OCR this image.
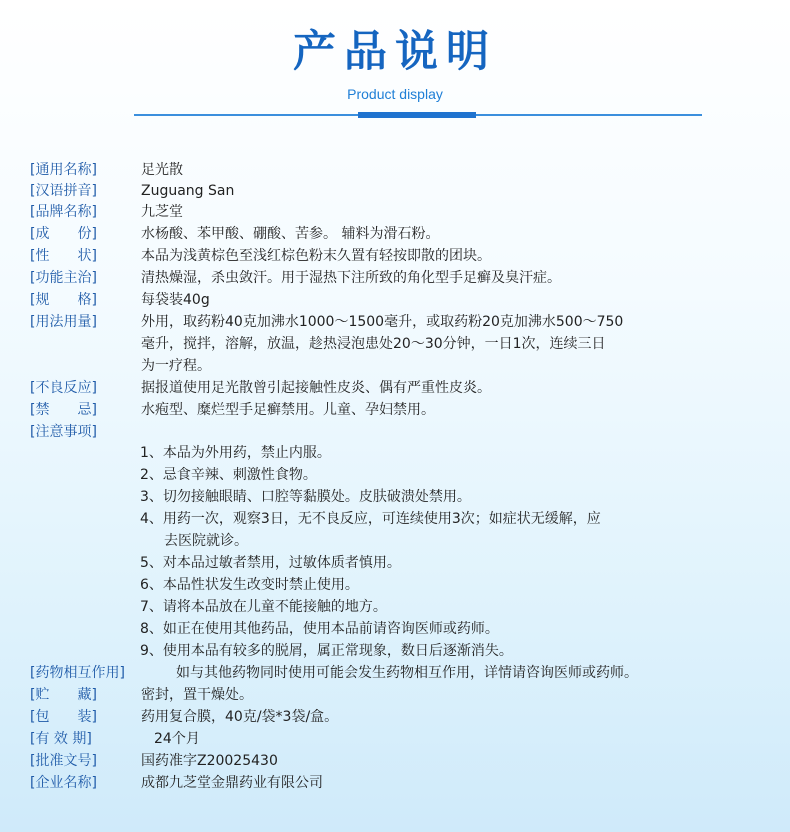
产品说明
Product display
[通用名称]	足光散
[汉语拼音]	Zuguang San
[品牌名称]	九芝堂
[成　　份]	水杨酸、苯甲酸、硼酸、苦参。 辅料为滑石粉。
[性　　状]	本品为浅黄棕色至浅红棕色粉末久置有轻按即散的团块。
[功能主治]	清热燥湿，杀虫敛汗。用于湿热下注所致的角化型手足癣及臭汗症。
[规　　格]	每袋装40g
[用法用量]	外用，取药粉40克加沸水1000～1500毫升，或取药粉20克加沸水500～750
毫升，搅拌，溶解，放温，趁热浸泡患处20～30分钟，一日1次，连续三日
为一疗程。
[不良反应]	据报道使用足光散曾引起接触性皮炎、偶有严重性皮炎。
[禁　　忌]	水疱型、糜烂型手足癣禁用。儿童、孕妇禁用。
[注意事项]
1、本品为外用药，禁止内服。
2、忌食辛辣、刺激性食物。
3、切勿接触眼睛、口腔等黏膜处。皮肤破溃处禁用。
4、用药一次，观察3日，无不良反应，可连续使用3次；如症状无缓解，应
去医院就诊。
5、对本品过敏者禁用，过敏体质者慎用。
6、本品性状发生改变时禁止使用。
7、请将本品放在儿童不能接触的地方。
8、如正在使用其他药品，使用本品前请咨询医师或药师。
9、使用本品有较多的脱屑，属正常现象，数日后逐渐消失。
[药物相互作用]	如与其他药物同时使用可能会发生药物相互作用，详情请咨询医师或药师。
[贮　　藏]	密封，置干燥处。
[包　　装]	药用复合膜，40克/袋*3袋/盒。
[有 效 期]	24个月
[批准文号]	国药准字Z20025430
[企业名称]	成都九芝堂金鼎药业有限公司
